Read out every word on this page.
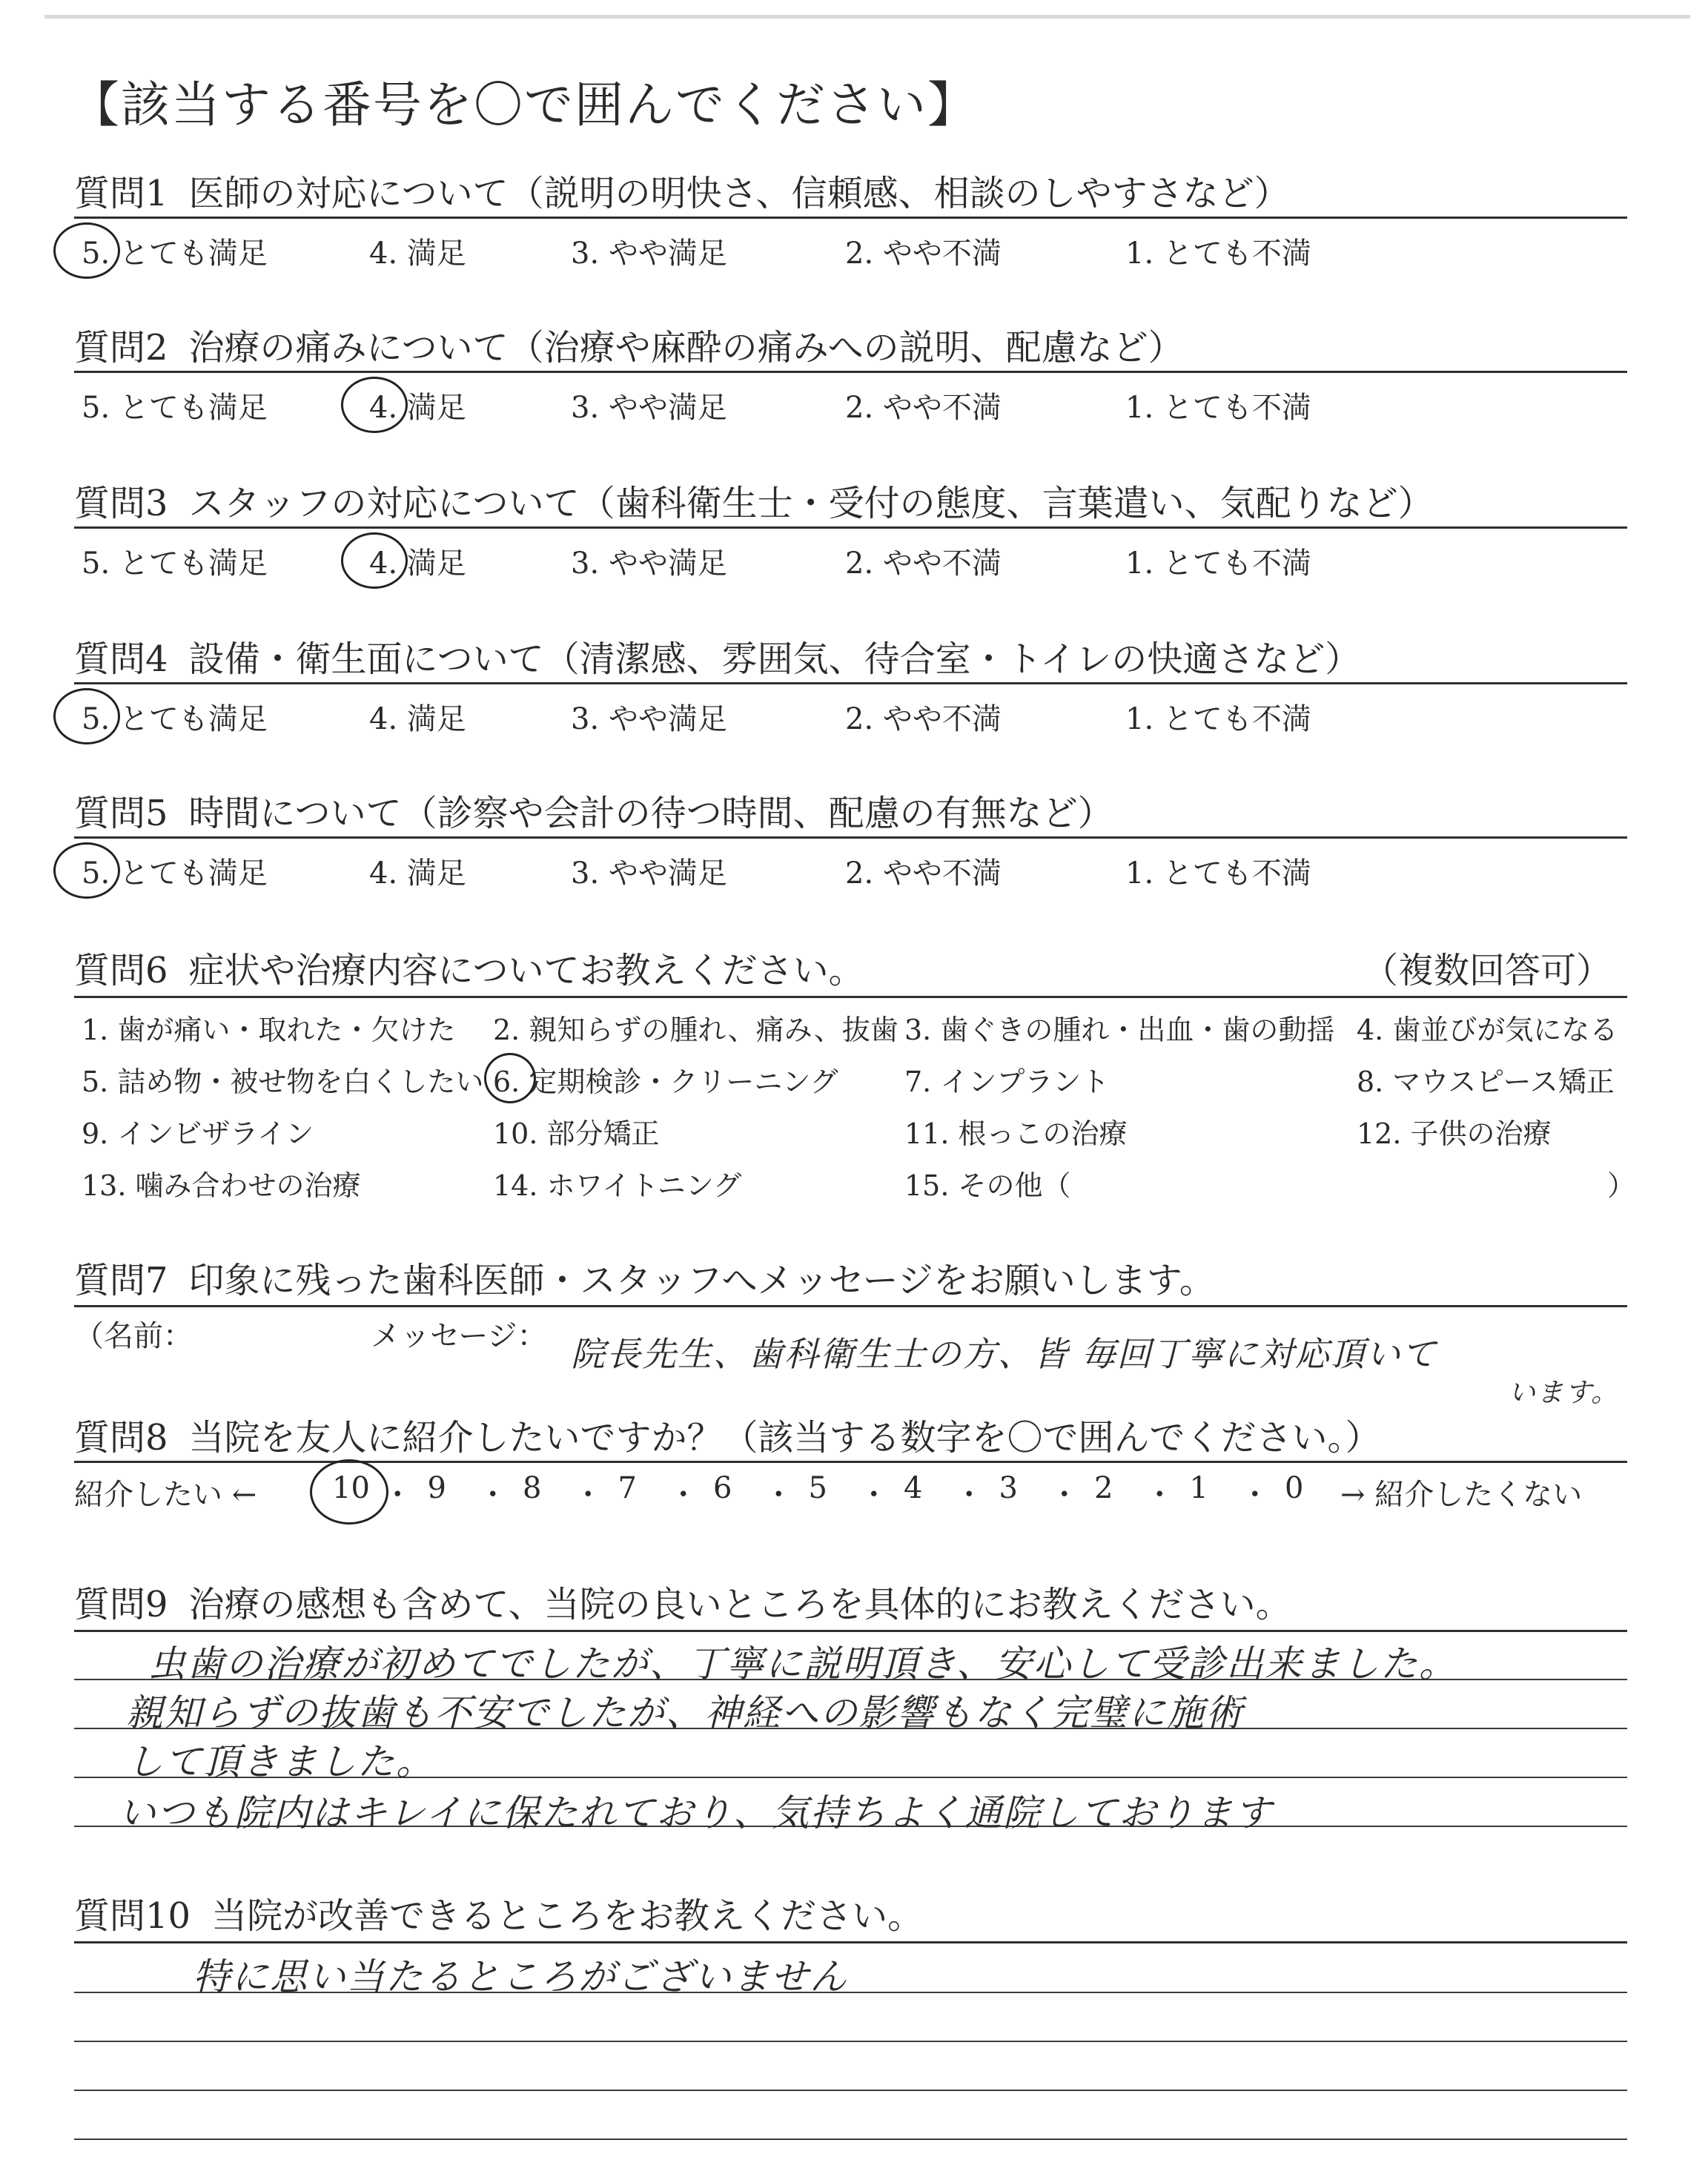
【該当する番号を〇で囲んでください】
質問1 医師の対応について（説明の明快さ、信頼感、相談のしやすさなど）
5. とても満足	4. 満足	3. やや満足	2. やや不満	1. とても不満
質問2 治療の痛みについて（治療や麻酔の痛みへの説明、配慮など）
5. とても満足	4. 満足	3. やや満足	2. やや不満	1. とても不満
質問3 スタッフの対応について（歯科衛生士・受付の態度、言葉遣い、気配りなど）
5. とても満足	4. 満足	3. やや満足	2. やや不満	1. とても不満
質問4 設備・衛生面について（清潔感、雰囲気、待合室・トイレの快適さなど）
5. とても満足	4. 満足	3. やや満足	2. やや不満	1. とても不満
質問5 時間について（診察や会計の待つ時間、配慮の有無など）
5. とても満足	4. 満足	3. やや満足	2. やや不満	1. とても不満
質問6 症状や治療内容についてお教えください。	（複数回答可）
1. 歯が痛い・取れた・欠けた 2. 親知らずの腫れ、痛み、抜歯 3. 歯ぐきの腫れ・出血・歯の動揺 4. 歯並びが気になる
5. 詰め物・被せ物を白くしたい 6. 定期検診・クリーニング 7. インプラント	8. マウスピース矯正
9. インビザライン	10. 部分矯正	11. 根っこの治療	12. 子供の治療
13. 噛み合わせの治療	14. ホワイトニング	15. その他（	）
質問7 印象に残った歯科医師・スタッフへメッセージをお願いします。
（名前：	メッセージ： 院長先生、歯科衛生士の方、皆 毎回丁寧に対応頂いて
います。
質問8 当院を友人に紹介したいですか？（該当する数字を〇で囲んでください。）
紹介したい ←	10 ・ 9 ・ 8 ・ 7 ・ 6 ・ 5 ・ 4 ・ 3 ・ 2 ・ 1 ・ 0 → 紹介したくない
質問9 治療の感想も含めて、当院の良いところを具体的にお教えください。
虫歯の治療が初めてでしたが、丁寧に説明頂き、安心して受診出来ました。
親知らずの抜歯も不安でしたが、神経への影響もなく完璧に施術
して頂きました。
いつも院内はキレイに保たれており、気持ちよく通院しております
質問10 当院が改善できるところをお教えください。
特に思い当たるところがございません
